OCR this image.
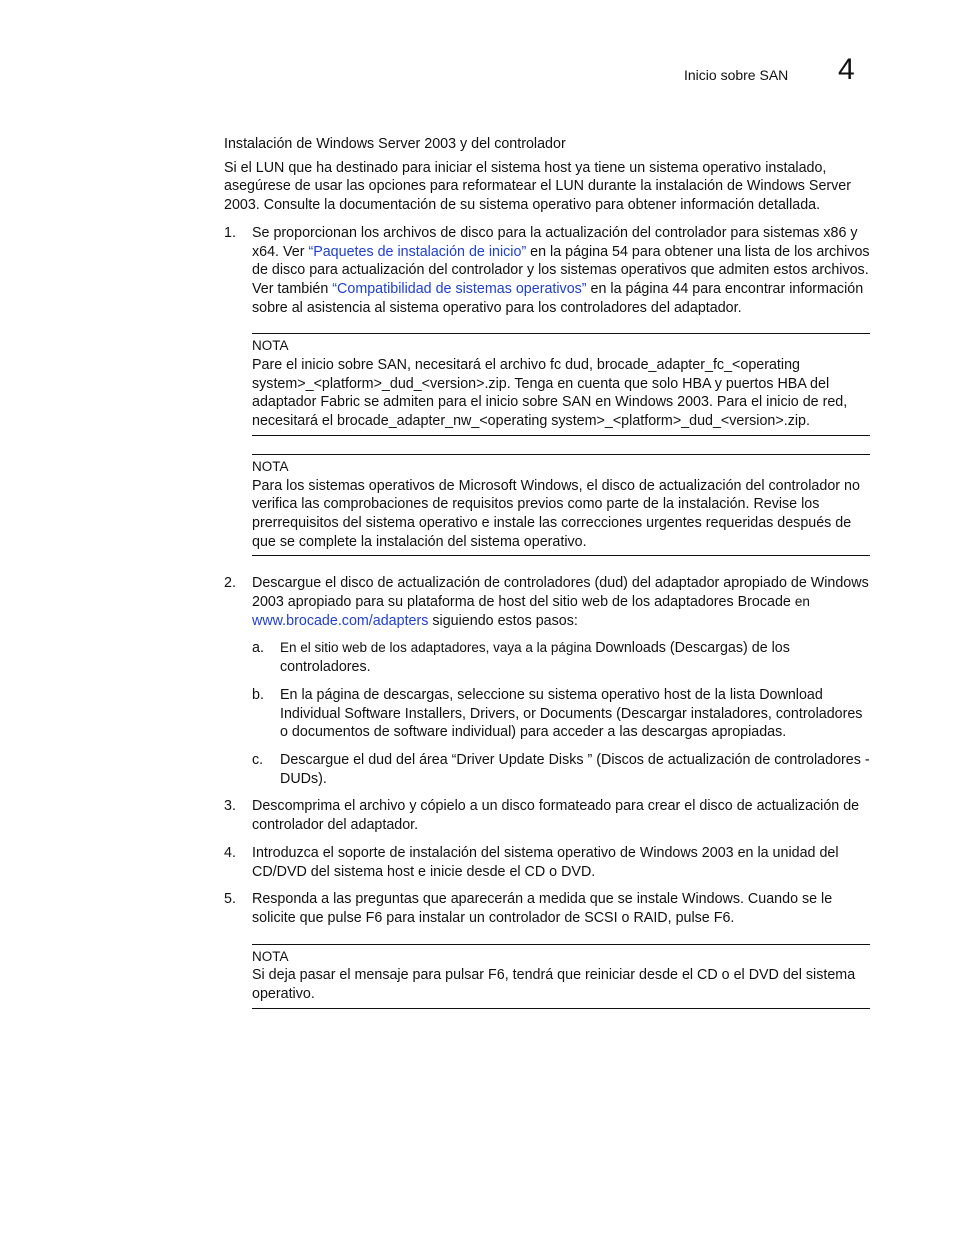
Inicio sobre SAN 4

Instalación de Windows Server 2003 y del controlador

Si el LUN que ha destinado para iniciar el sistema host ya tiene un sistema operativo instalado, asegúrese de usar las opciones para reformatear el LUN durante la instalación de Windows Server 2003. Consulte la documentación de su sistema operativo para obtener información detallada.

1.	Se proporcionan los archivos de disco para la actualización del controlador para sistemas x86 y x64. Ver “Paquetes de instalación de inicio” en la página 54 para obtener una lista de los archivos de disco para actualización del controlador y los sistemas operativos que admiten estos archivos. Ver también “Compatibilidad de sistemas operativos” en la página 44 para encontrar información sobre al asistencia al sistema operativo para los controladores del adaptador.
NOTA
Pare el inicio sobre SAN, necesitará el archivo fc dud, brocade_adapter_fc_<operating system>_<platform>_dud_<version>.zip. Tenga en cuenta que solo HBA y puertos HBA del adaptador Fabric se admiten para el inicio sobre SAN en Windows 2003. Para el inicio de red, necesitará el brocade_adapter_nw_<operating system>_<platform>_dud_<version>.zip.
NOTA
Para los sistemas operativos de Microsoft Windows, el disco de actualización del controlador no verifica las comprobaciones de requisitos previos como parte de la instalación. Revise los prerrequisitos del sistema operativo e instale las correcciones urgentes requeridas después de que se complete la instalación del sistema operativo.
2.	Descargue el disco de actualización de controladores (dud) del adaptador apropiado de Windows 2003 apropiado para su plataforma de host del sitio web de los adaptadores Brocade en www.brocade.com/adapters siguiendo estos pasos:
a.	En el sitio web de los adaptadores, vaya a la página Downloads (Descargas) de los controladores.
b.	En la página de descargas, seleccione su sistema operativo host de la lista Download Individual Software Installers, Drivers, or Documents (Descargar instaladores, controladores o documentos de software individual) para acceder a las descargas apropiadas.
c.	Descargue el dud del área “Driver Update Disks ” (Discos de actualización de controladores - DUDs).
3.	Descomprima el archivo y cópielo a un disco formateado para crear el disco de actualización de controlador del adaptador.
4.	Introduzca el soporte de instalación del sistema operativo de Windows 2003 en la unidad del CD/DVD del sistema host e inicie desde el CD o DVD.
5.	Responda a las preguntas que aparecerán a medida que se instale Windows. Cuando se le solicite que pulse F6 para instalar un controlador de SCSI o RAID, pulse F6.
NOTA
Si deja pasar el mensaje para pulsar F6, tendrá que reiniciar desde el CD o el DVD del sistema operativo.
